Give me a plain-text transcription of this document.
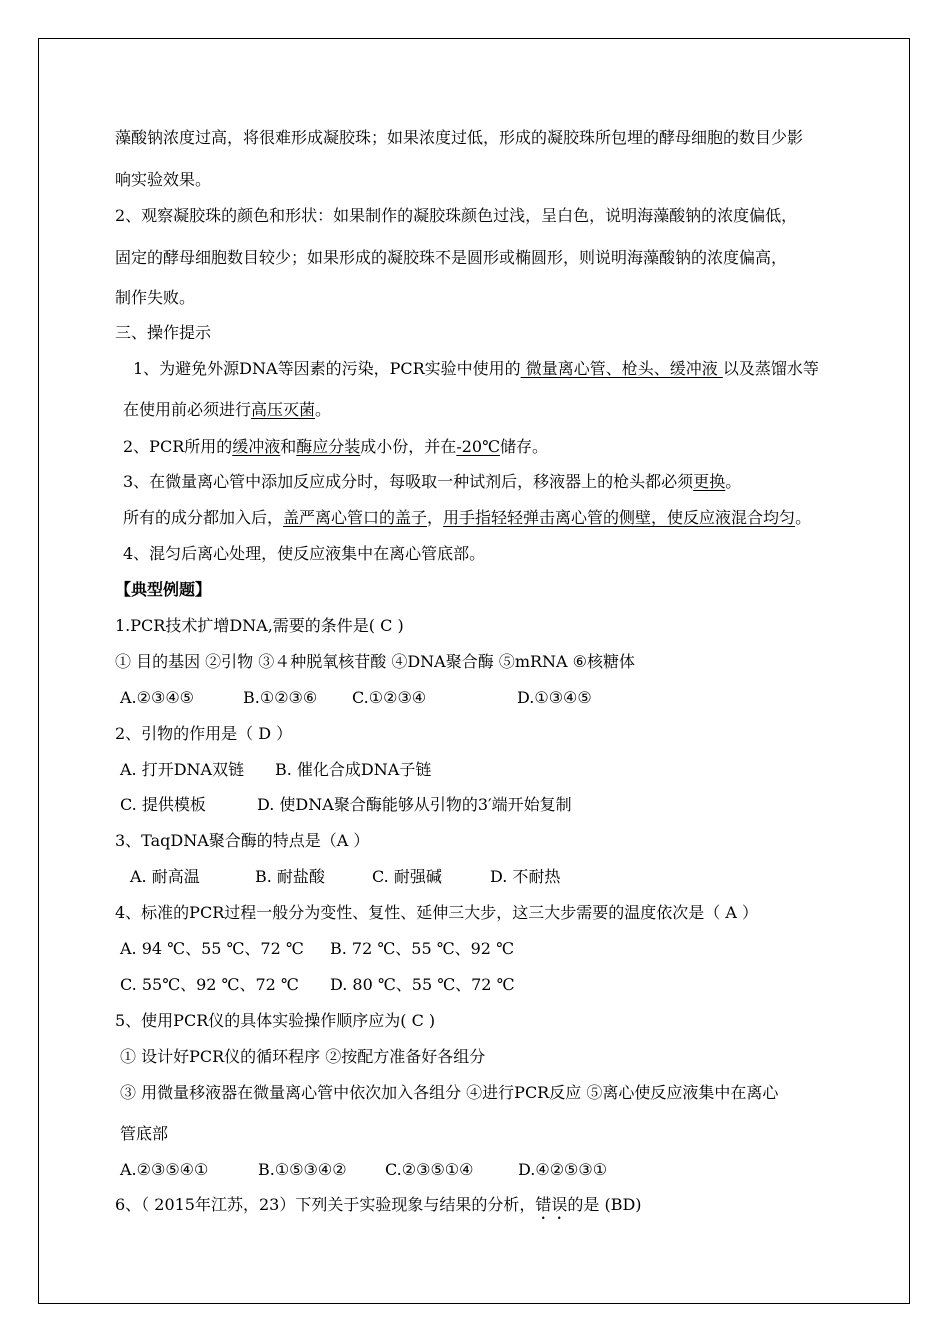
藻酸钠浓度过高，将很难形成凝胶珠；如果浓度过低，形成的凝胶珠所包埋的酵母细胞的数目少影
响实验效果。
2、观察凝胶珠的颜色和形状：如果制作的凝胶珠颜色过浅，呈白色，说明海藻酸钠的浓度偏低，
固定的酵母细胞数目较少；如果形成的凝胶珠不是圆形或椭圆形，则说明海藻酸钠的浓度偏高，
制作失败。
三、操作提示
1、为避免外源DNA等因素的污染，PCR实验中使用的 微量离心管、枪头、缓冲液 以及蒸馏水等
在使用前必须进行高压灭菌。
2、PCR所用的缓冲液和酶应分装成小份，并在-20℃储存。
3、在微量离心管中添加反应成分时，每吸取一种试剂后，移液器上的枪头都必须更换。
所有的成分都加入后，盖严离心管口的盖子，用手指轻轻弹击离心管的侧壁，使反应液混合均匀。
4、混匀后离心处理，使反应液集中在离心管底部。
【典型例题】
1.PCR技术扩增DNA,需要的条件是( C )
① 目的基因 ②引物 ③４种脱氧核苷酸 ④DNA聚合酶 ⑤mRNA ⑥核糖体
A.②③④⑤	B.①②③⑥ C.①②③④	D.①③④⑤
2、引物的作用是（ D ）
A. 打开DNA双链 B. 催化合成DNA子链
C. 提供模板	D. 使DNA聚合酶能够从引物的3′端开始复制
3、TaqDNA聚合酶的特点是（A ）
A. 耐高温	B. 耐盐酸	C. 耐强碱	D. 不耐热
4、标准的PCR过程一般分为变性、复性、延伸三大步，这三大步需要的温度依次是（ A ）
A. 94 ℃、55 ℃、72 ℃ B. 72 ℃、55 ℃、92 ℃
C. 55℃、92 ℃、72 ℃ D. 80 ℃、55 ℃、72 ℃
5、使用PCR仪的具体实验操作顺序应为( C )
① 设计好PCR仪的循环程序 ②按配方准备好各组分
③ 用微量移液器在微量离心管中依次加入各组分 ④进行PCR反应 ⑤离心使反应液集中在离心
管底部
A.②③⑤④①	B.①⑤③④② C.②③⑤①④	D.④②⑤③①
6、（ 2015年江苏，23）下列关于实验现象与结果的分析，错误的是 (BD)
